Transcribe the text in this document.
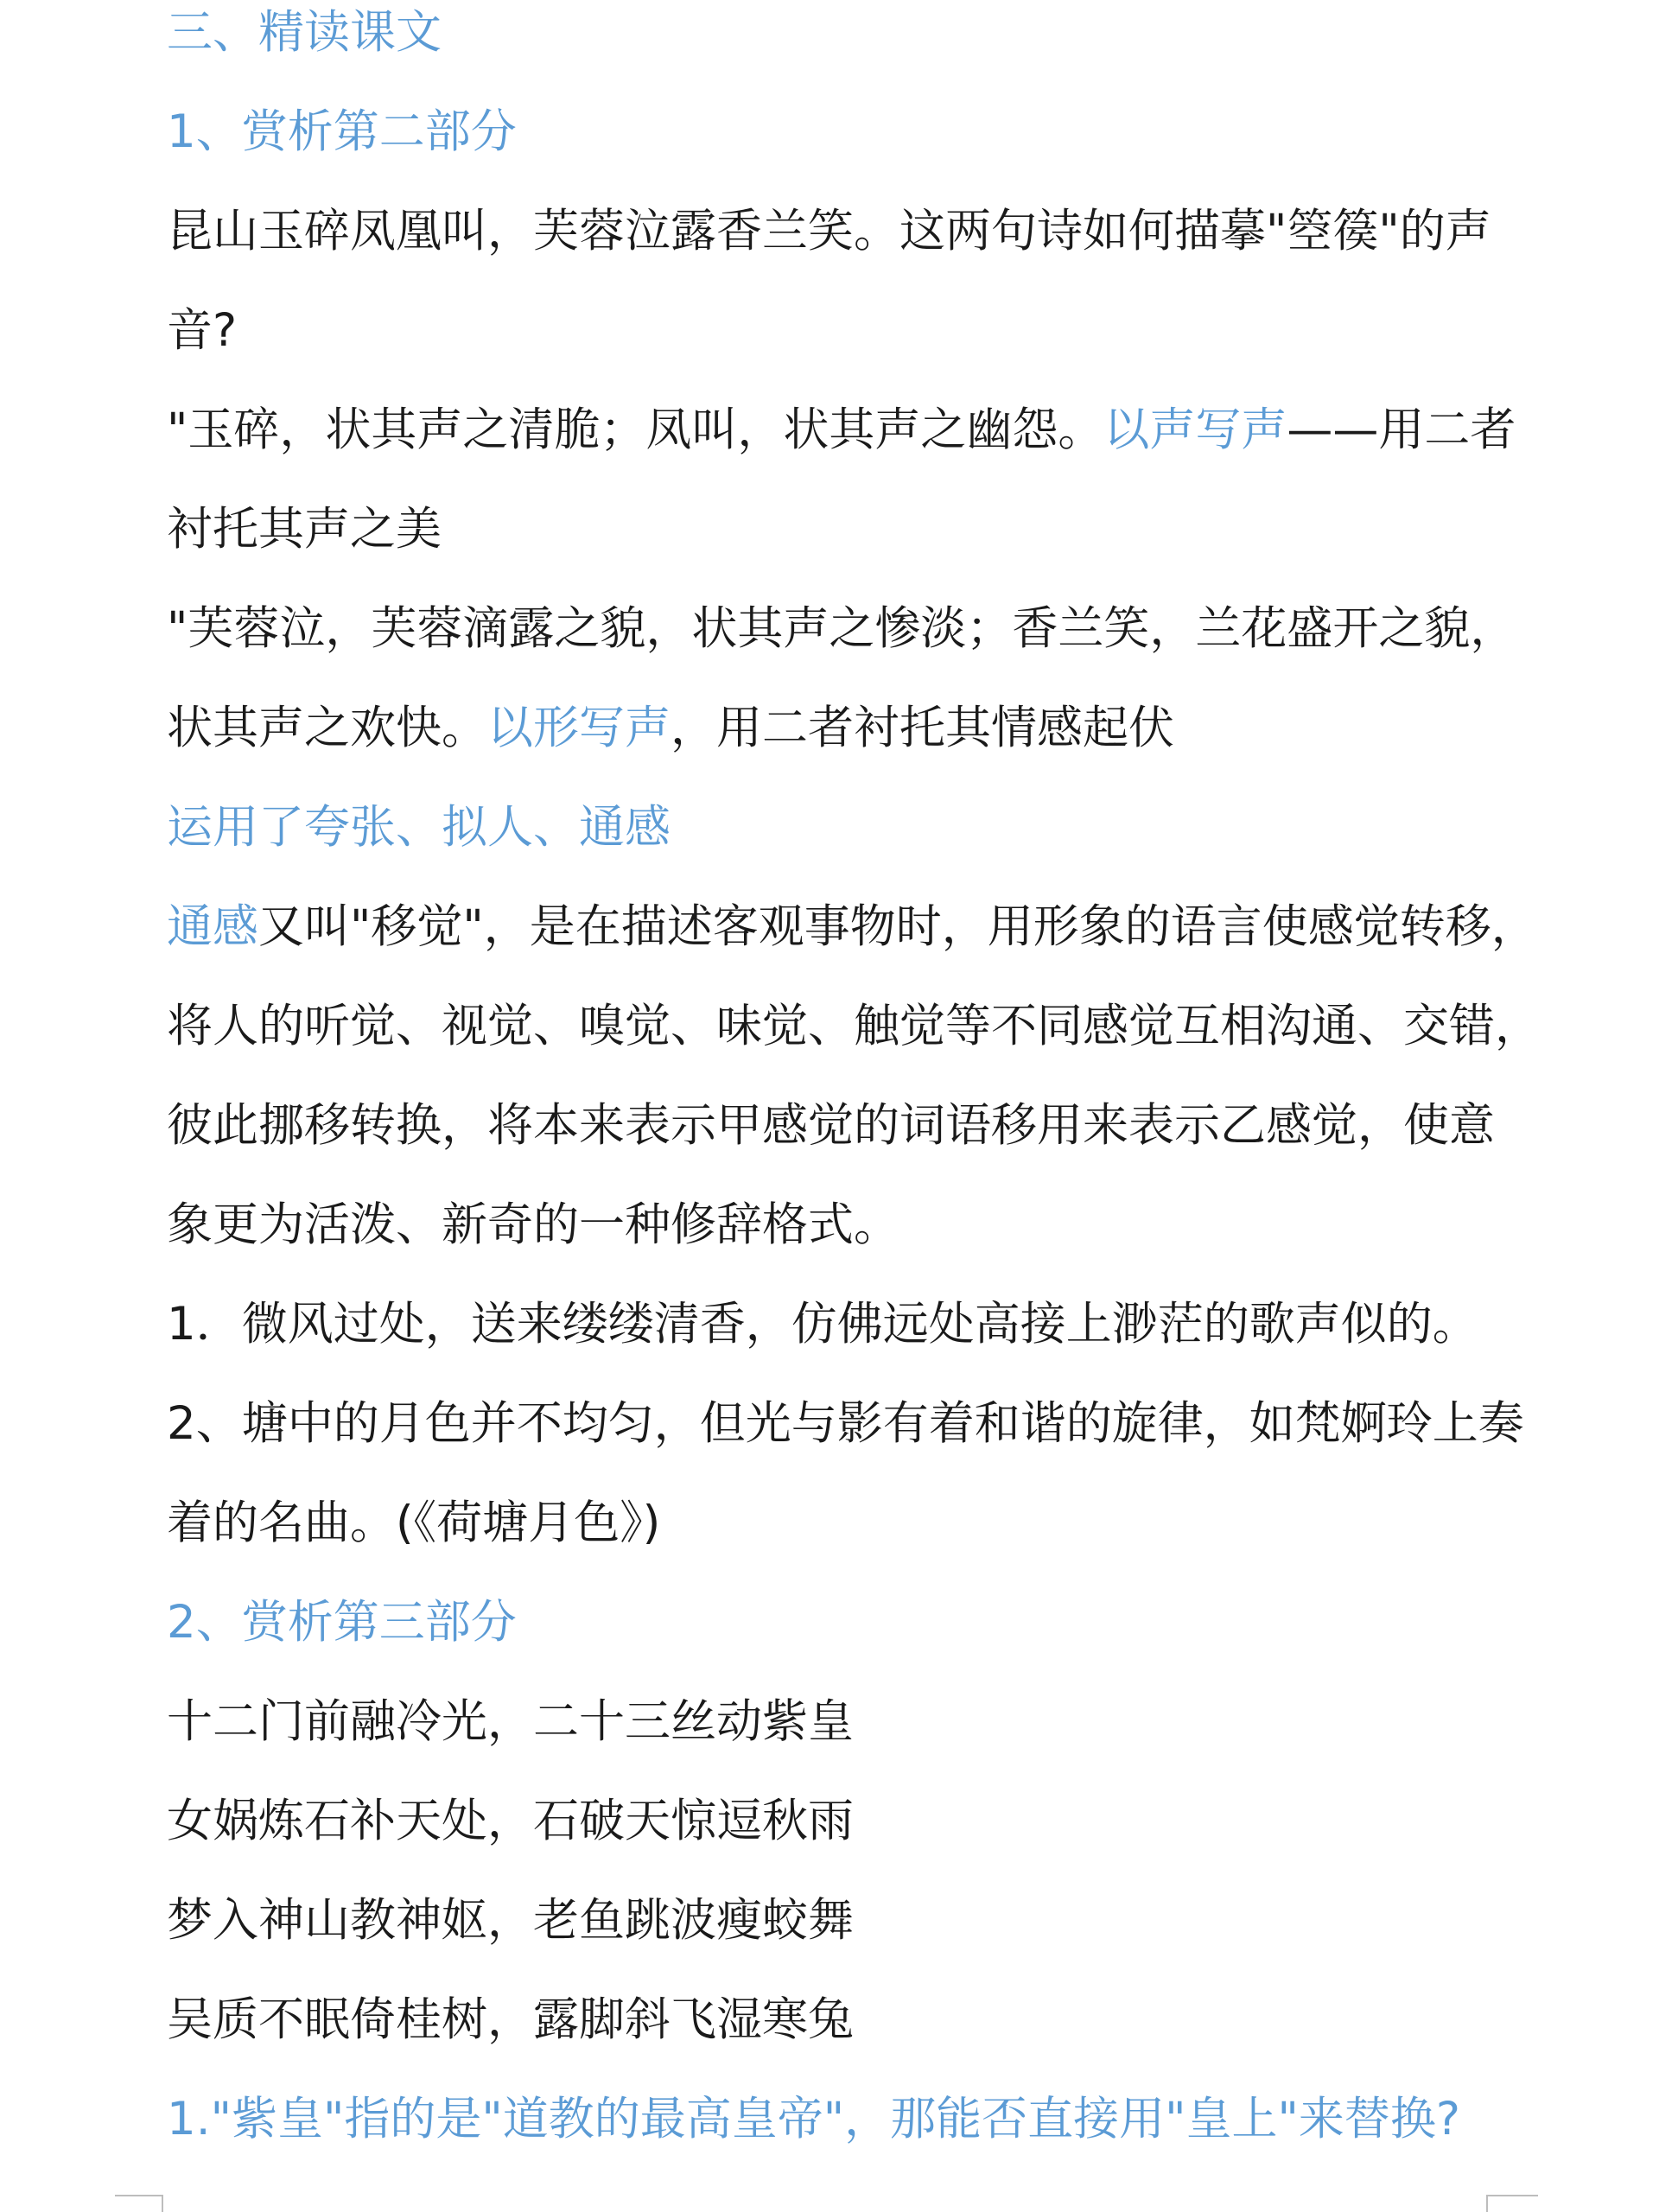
三、精读课文
1、赏析第二部分
昆山玉碎凤凰叫，芙蓉泣露香兰笑。这两句诗如何描摹"箜篌"的声
音?
"玉碎，状其声之清脆；凤叫，状其声之幽怨。以声写声——用二者
衬托其声之美
"芙蓉泣，芙蓉滴露之貌，状其声之惨淡；香兰笑，兰花盛开之貌，
状其声之欢快。以形写声，用二者衬托其情感起伏
运用了夸张、拟人、通感
通感又叫"移觉"，是在描述客观事物时，用形象的语言使感觉转移，
将人的听觉、视觉、嗅觉、味觉、触觉等不同感觉互相沟通、交错，
彼此挪移转换，将本来表示甲感觉的词语移用来表示乙感觉，使意
象更为活泼、新奇的一种修辞格式。
1．微风过处，送来缕缕清香，仿佛远处高接上渺茫的歌声似的。
2、塘中的月色并不均匀，但光与影有着和谐的旋律，如梵婀玲上奏
着的名曲。(《荷塘月色》)
2、赏析第三部分
十二门前融冷光，二十三丝动紫皇
女娲炼石补天处，石破天惊逗秋雨
梦入神山教神妪，老鱼跳波瘦蛟舞
吴质不眠倚桂树，露脚斜飞湿寒兔
1."紫皇"指的是"道教的最高皇帝"，那能否直接用"皇上"来替换?
